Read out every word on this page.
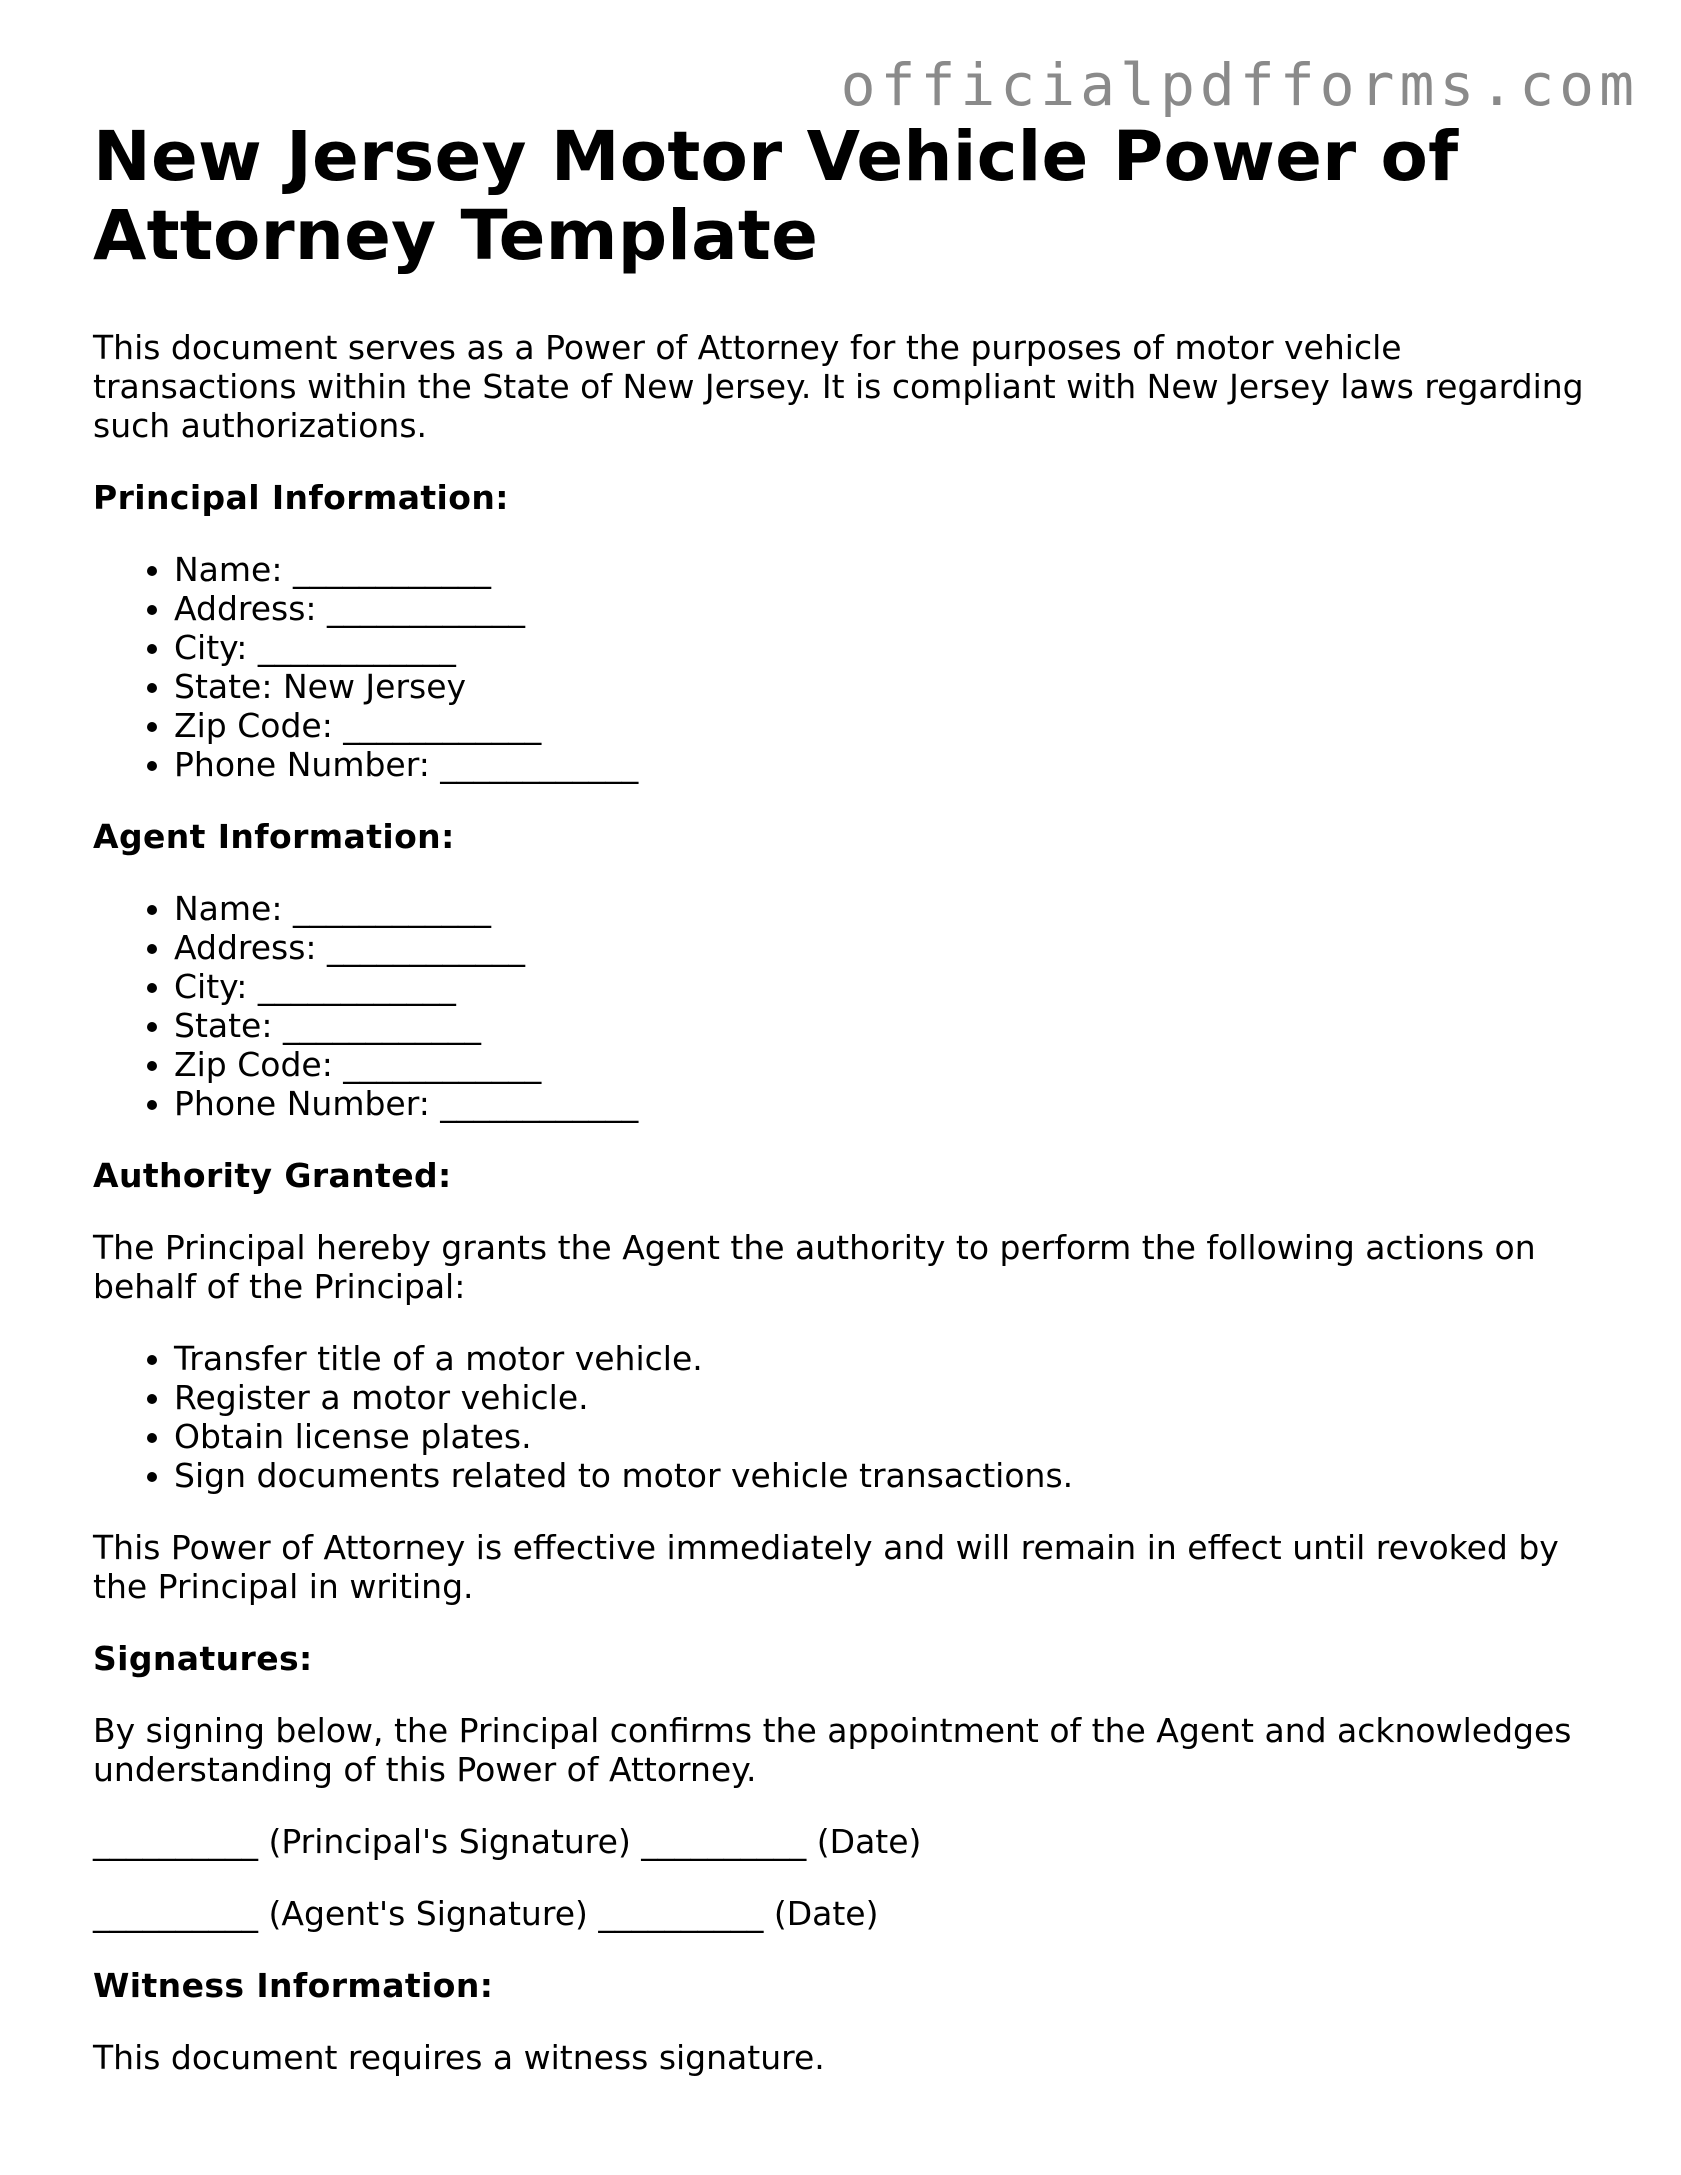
officialpdfforms.com
New Jersey Motor Vehicle Power of Attorney Template

This document serves as a Power of Attorney for the purposes of motor vehicle transactions within the State of New Jersey. It is compliant with New Jersey laws regarding such authorizations.

Principal Information:
• Name: ____________
• Address: ____________
• City: ____________
• State: New Jersey
• Zip Code: ____________
• Phone Number: ____________
Agent Information:
• Name: ____________
• Address: ____________
• City: ____________
• State: ____________
• Zip Code: ____________
• Phone Number: ____________
Authority Granted:

The Principal hereby grants the Agent the authority to perform the following actions on behalf of the Principal:

• Transfer title of a motor vehicle.
• Register a motor vehicle.
• Obtain license plates.
• Sign documents related to motor vehicle transactions.

This Power of Attorney is effective immediately and will remain in effect until revoked by the Principal in writing.

Signatures:

By signing below, the Principal confirms the appointment of the Agent and acknowledges understanding of this Power of Attorney.

__________ (Principal's Signature) __________ (Date)

__________ (Agent's Signature) __________ (Date)

Witness Information:

This document requires a witness signature.
